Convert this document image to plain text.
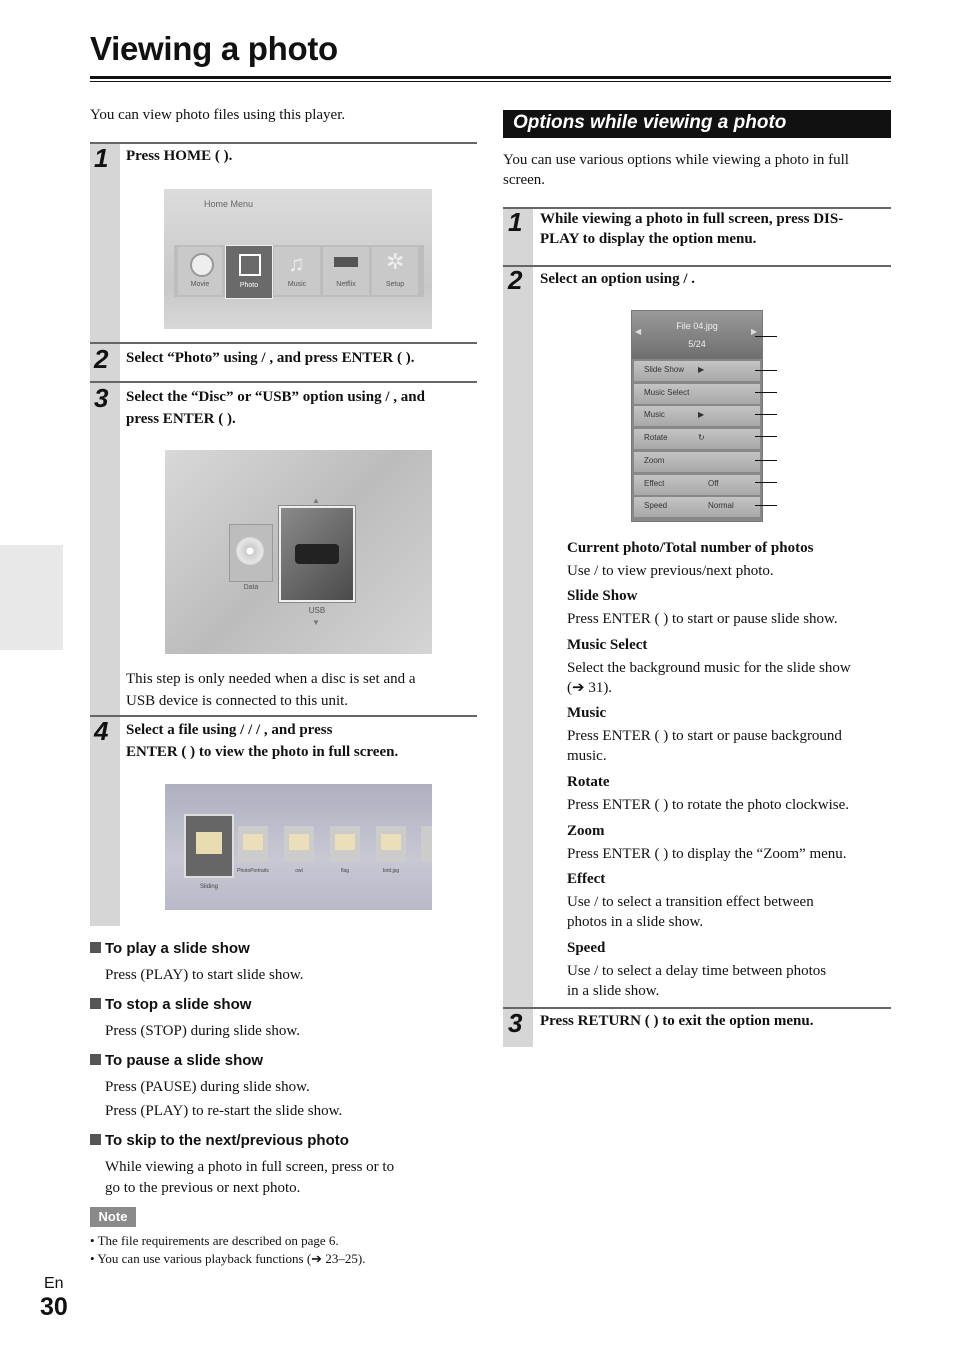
Viewing a photo
You can view photo files using this player.
1 Press HOME ( ).
Home Menu
Movie	Photo
♫
Music	Netflix
✲
Setup
2 Select “Photo” using / , and press ENTER ( ).
3 Select the “Disc” or “USB” option using / , and
press ENTER ( ).
Data
USB
▲
▼
This step is only needed when a disc is set and a
USB device is connected to this unit.
4 Select a file using / / / , and press
ENTER ( ) to view the photo in full screen.
Sliding
PhotoPortraits	owl	flag	bird.jpg
To play a slide show
Press (PLAY) to start slide show.
To stop a slide show
Press (STOP) during slide show.
To pause a slide show
Press (PAUSE) during slide show.
Press (PLAY) to re-start the slide show.
To skip to the next/previous photo
While viewing a photo in full screen, press or to
go to the previous or next photo.
Note
• The file requirements are described on page 6.
• You can use various playback functions (➔ 23–25).
En
30
Options while viewing a photo
You can use various options while viewing a photo in full
screen.
1 While viewing a photo in full screen, press DIS-
PLAY to display the option menu.
2 Select an option using / .
File 04.jpg
5/24
◀	▶
Slide Show ▶
Music Select
Music	▶
Rotate	↻
Zoom
Effect	Off
Speed	Normal
Current photo/Total number of photos
Use / to view previous/next photo.
Slide Show
Press ENTER ( ) to start or pause slide show.
Music Select
Select the background music for the slide show
(➔ 31).
Music
Press ENTER ( ) to start or pause background
music.
Rotate
Press ENTER ( ) to rotate the photo clockwise.
Zoom
Press ENTER ( ) to display the “Zoom” menu.
Effect
Use / to select a transition effect between
photos in a slide show.
Speed
Use / to select a delay time between photos
in a slide show.
3 Press RETURN ( ) to exit the option menu.
